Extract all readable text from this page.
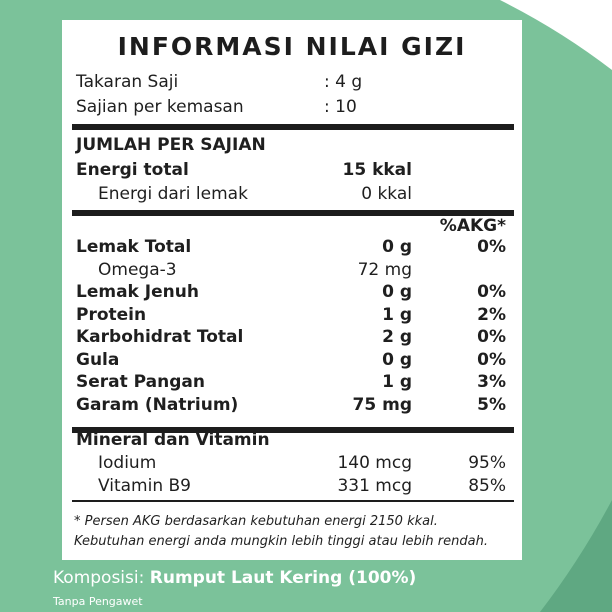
INFORMASI NILAI GIZI
Takaran Saji	: 4 g
Sajian per kemasan	: 10
JUMLAH PER SAJIAN
Energi total	15 kkal
Energi dari lemak	0 kkal
%AKG*
Lemak Total	0 g	0%
Omega-3	72 mg
Lemak Jenuh	0 g	0%
Protein	1 g	2%
Karbohidrat Total	2 g	0%
Gula	0 g	0%
Serat Pangan	1 g	3%
Garam (Natrium)	75 mg	5%
Mineral dan Vitamin
Iodium	140 mcg	95%
Vitamin B9	331 mcg	85%
* Persen AKG berdasarkan kebutuhan energi 2150 kkal.
Kebutuhan energi anda mungkin lebih tinggi atau lebih rendah.
Komposisi: Rumput Laut Kering (100%)
Tanpa Pengawet
